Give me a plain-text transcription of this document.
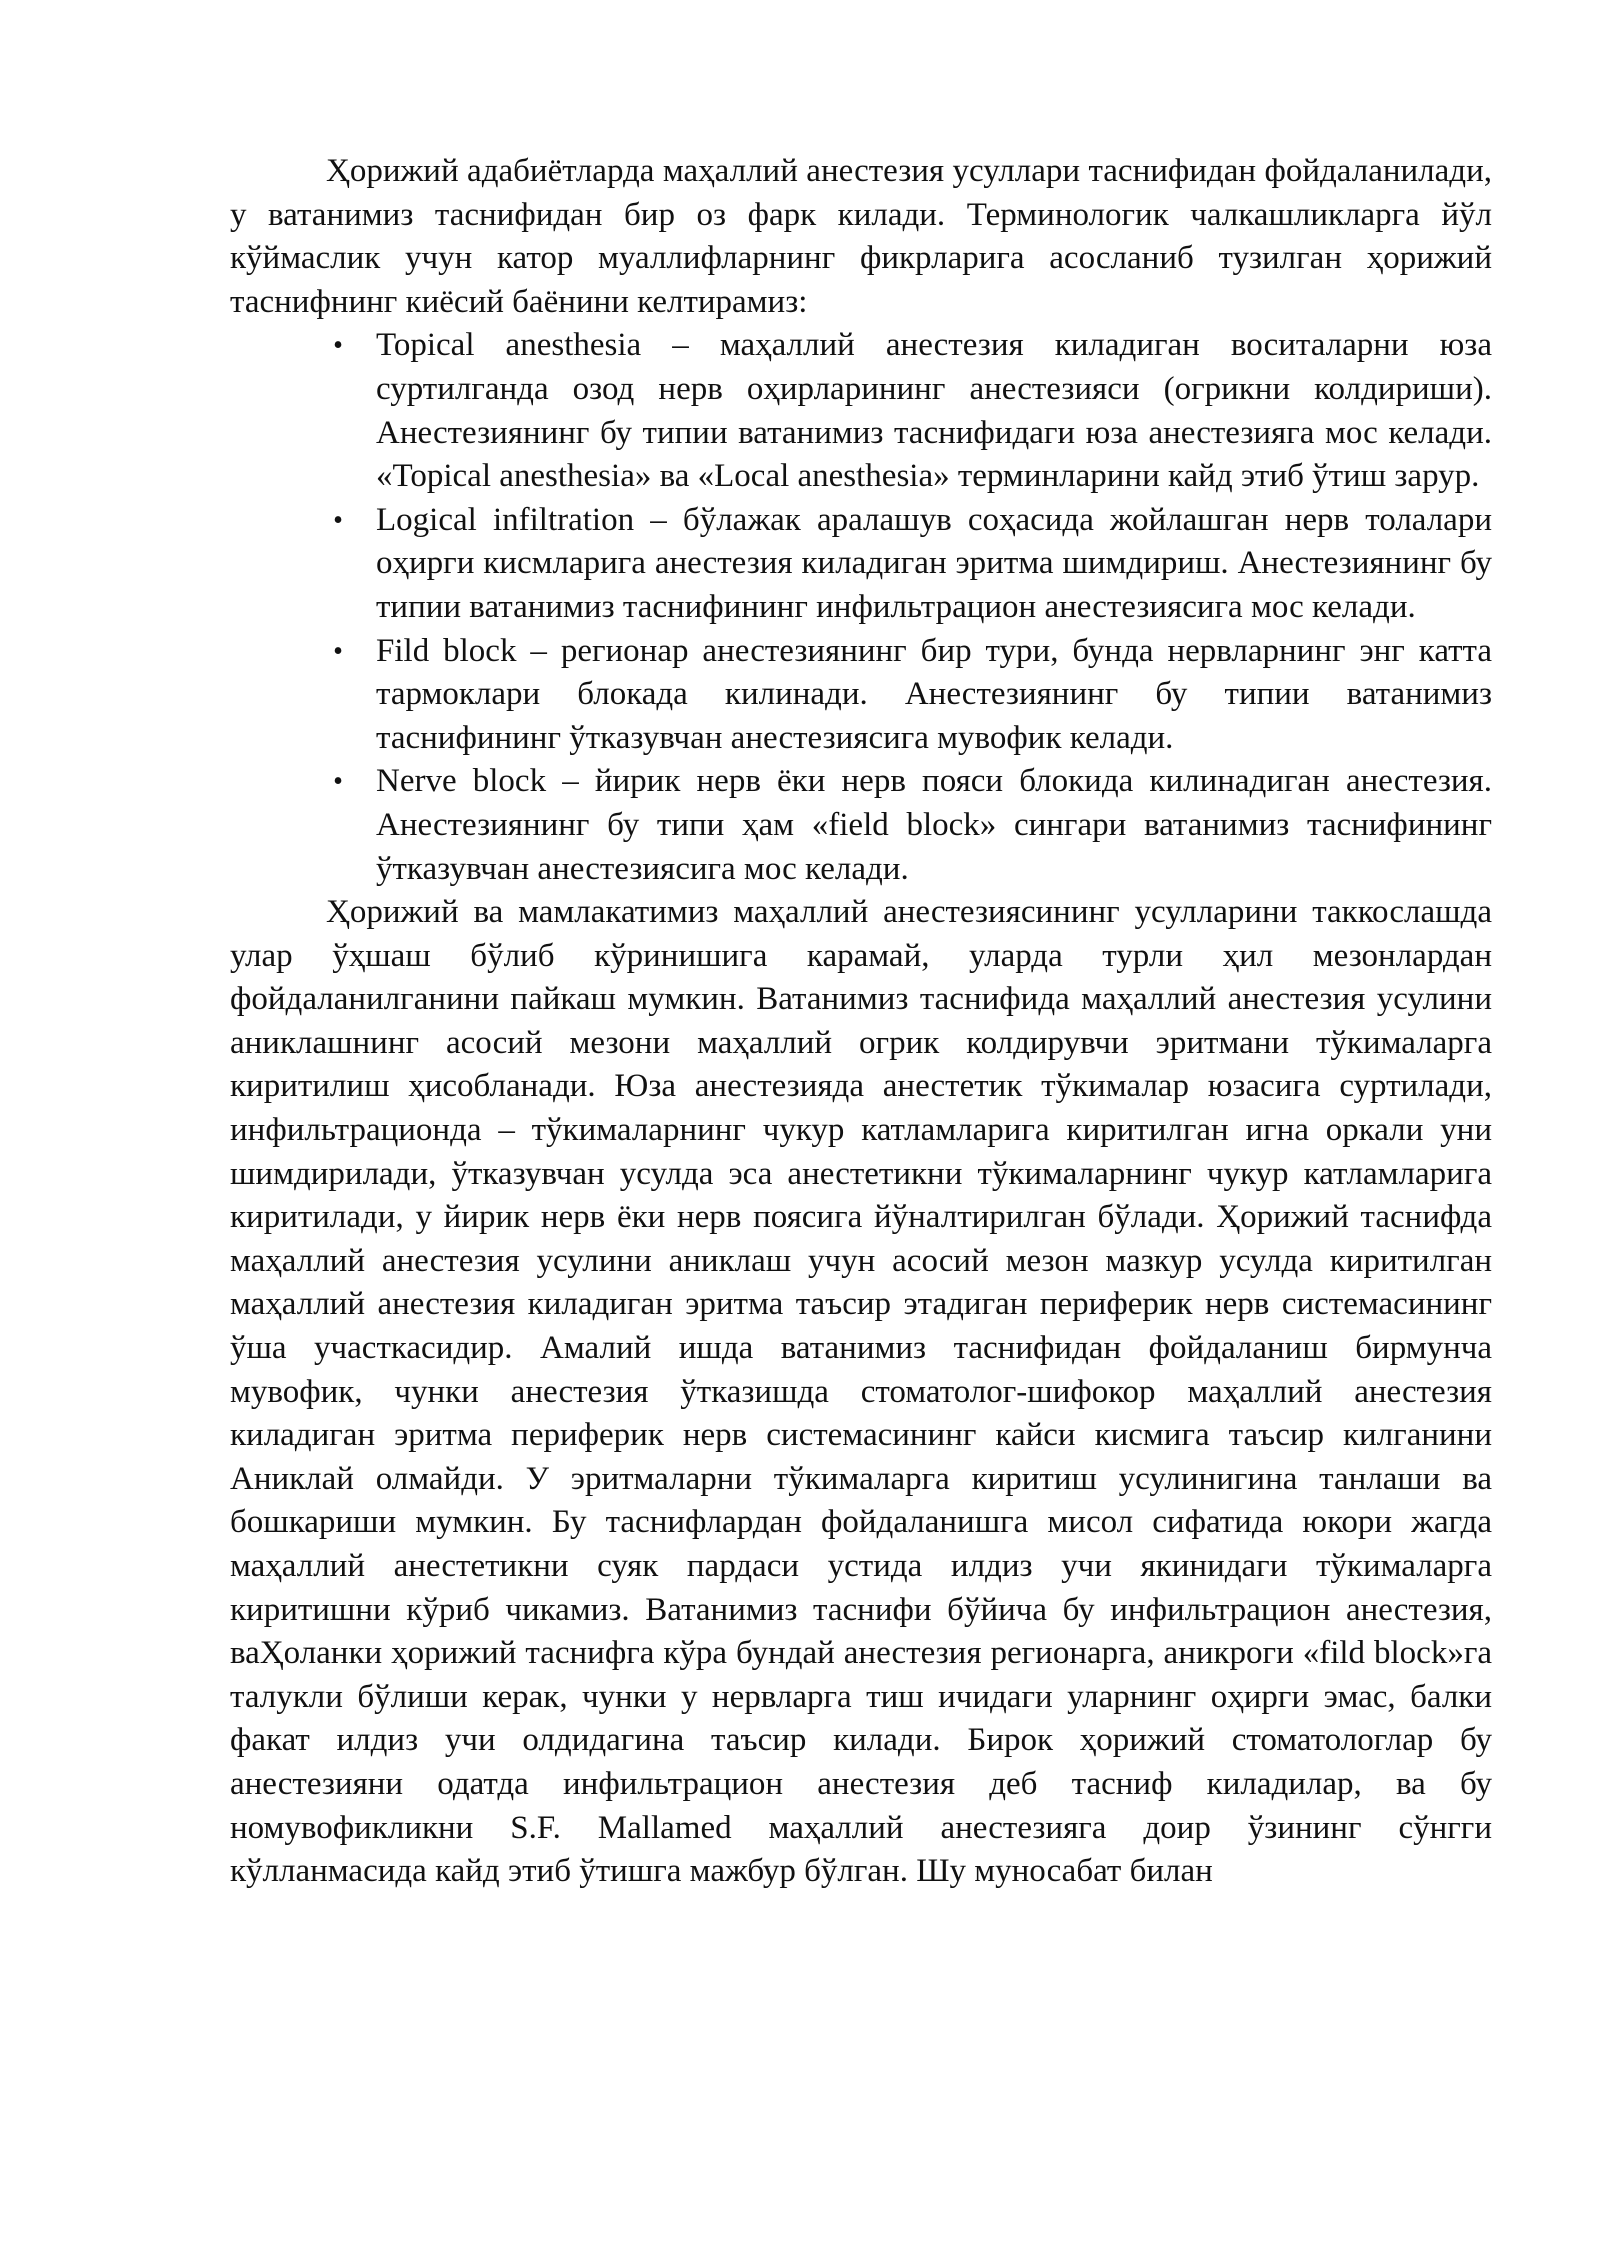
Ҳорижий адабиётларда маҳаллий анестезия усуллари таснифидан фойдаланилади, у ватанимиз таснифидан бир оз фарк килади. Терминологик чалкашликларга йўл кўймаслик учун катор муаллифларнинг фикрларига асосланиб тузилган ҳорижий таснифнинг киёсий баёнини келтирамиз:

• Topical anesthesia – маҳаллий анестезия киладиган воситаларни юза суртилганда озод нерв оҳирларининг анестезияси (огрикни колдириши). Анестезиянинг бу типии ватанимиз таснифидаги юза анестезияга мос келади. «Topical anesthesia» ва «Local anesthesia» терминларини кайд этиб ўтиш зарур.
• Logical infiltration – бўлажак аралашув соҳасида жойлашган нерв толалари оҳирги кисмларига анестезия киладиган эритма шимдириш. Анестезиянинг бу типии ватанимиз таснифининг инфильтрацион анестезиясига мос келади.
• Fild block – регионар анестезиянинг бир тури, бунда нервларнинг энг катта тармоклари блокада килинади. Анестезиянинг бу типии ватанимиз таснифининг ўтказувчан анестезиясига мувофик келади.
• Nerve block – йирик нерв ёки нерв пояси блокида килинадиган анестезия. Анестезиянинг бу типи ҳам «field block» сингари ватанимиз таснифининг ўтказувчан анестезиясига мос келади.

Ҳорижий ва мамлакатимиз маҳаллий анестезиясининг усулларини таккослашда улар ўҳшаш бўлиб кўринишига карамай, уларда турли ҳил мезонлардан фойдаланилганини пайкаш мумкин. Ватанимиз таснифида маҳаллий анестезия усулини аниклашнинг асосий мезони маҳаллий огрик колдирувчи эритмани тўкималарга киритилиш ҳисобланади. Юза анестезияда анестетик тўкималар юзасига суртилади, инфильтрационда – тўкималарнинг чукур катламларига киритилган игна оркали уни шимдирилади, ўтказувчан усулда эса анестетикни тўкималарнинг чукур катламларига киритилади, у йирик нерв ёки нерв поясига йўналтирилган бўлади. Ҳорижий таснифда маҳаллий анестезия усулини аниклаш учун асосий мезон мазкур усулда киритилган маҳаллий анестезия киладиган эритма таъсир этадиган периферик нерв системасининг ўша участкасидир. Амалий ишда ватанимиз таснифидан фойдаланиш бирмунча мувофик, чунки анестезия ўтказишда стоматолог-шифокор маҳаллий анестезия киладиган эритма периферик нерв системасининг кайси кисмига таъсир килганини Аниклай олмайди. У эритмаларни тўкималарга киритиш усулинигина танлаши ва бошкариши мумкин. Бу таснифлардан фойдаланишга мисол сифатида юкори жагда маҳаллий анестетикни суяк пардаси устида илдиз учи якинидаги тўкималарга киритишни кўриб чикамиз. Ватанимиз таснифи бўйича бу инфильтрацион анестезия, ваҲоланки ҳорижий таснифга кўра бундай анестезия регионарга, аникроги «fild block»га талукли бўлиши керак, чунки у нервларга тиш ичидаги уларнинг оҳирги эмас, балки факат илдиз учи олдидагина таъсир килади. Бирок ҳорижий стоматологлар бу анестезияни одатда инфильтрацион анестезия деб тасниф киладилар, ва бу номувофикликни S.F. Mallamed маҳаллий анестезияга доир ўзининг сўнгги кўлланмасида кайд этиб ўтишга мажбур бўлган. Шу муносабат билан
